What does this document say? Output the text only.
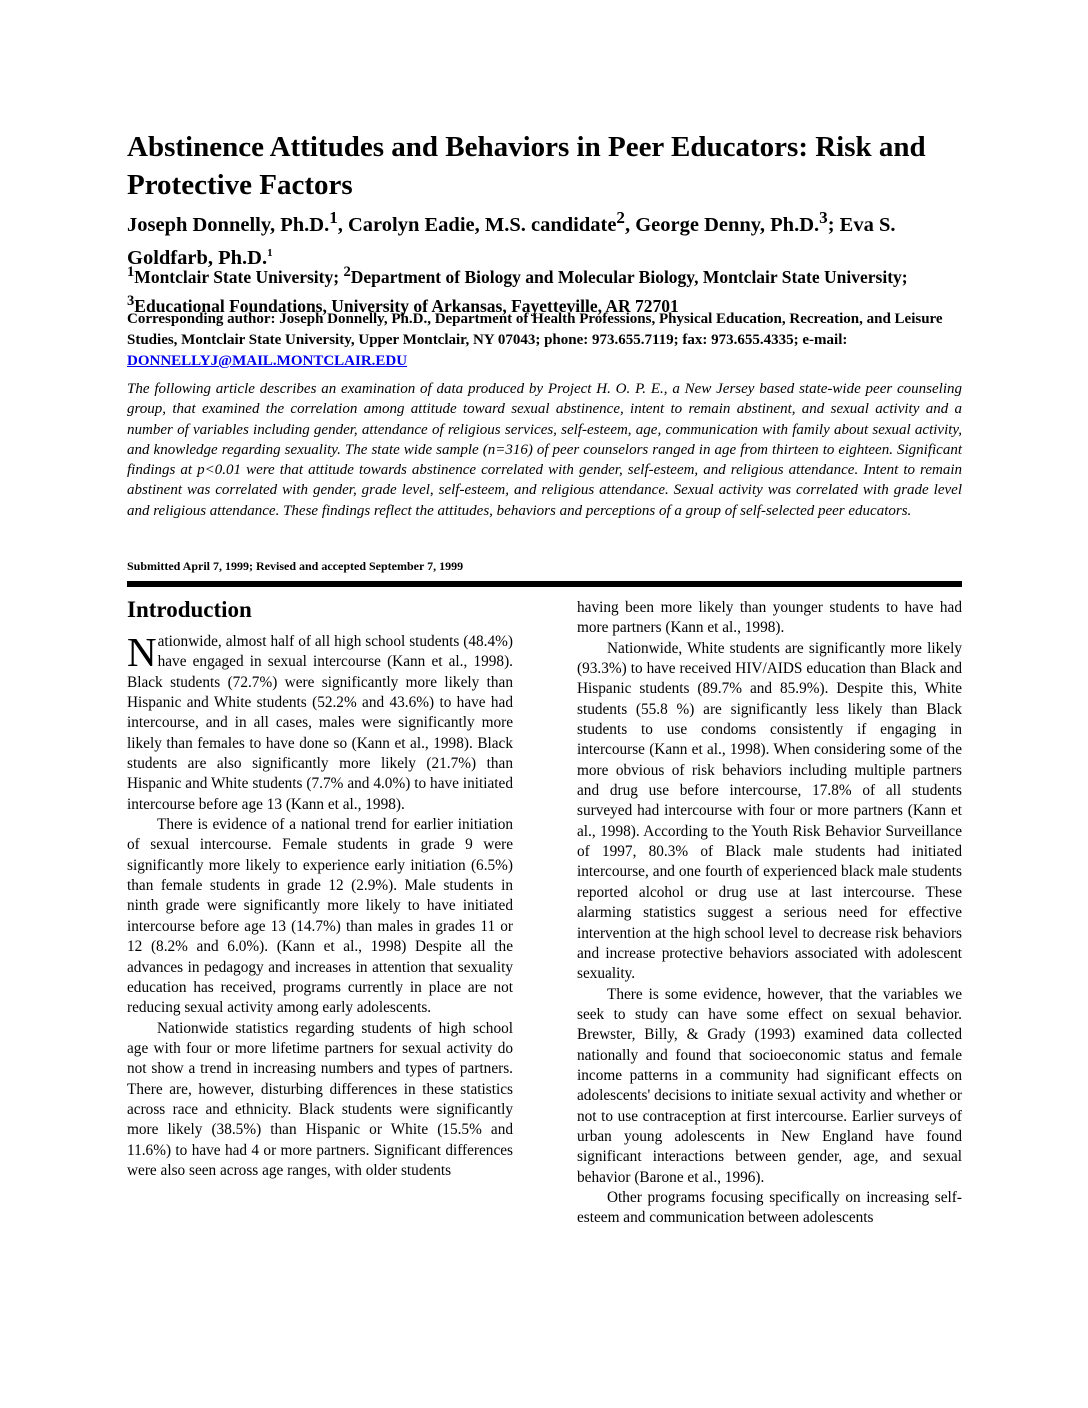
Abstinence Attitudes and Behaviors in Peer Educators: Risk and Protective Factors

Joseph Donnelly, Ph.D.$^1$, Carolyn Eadie, M.S. candidate$^2$, George Denny, Ph.D.$^3$; Eva S. Goldfarb, Ph.D.$^1$

$^1$Montclair State University; $^2$Department of Biology and Molecular Biology, Montclair State University; $^3$Educational Foundations, University of Arkansas, Fayetteville, AR 72701

Corresponding author: Joseph Donnelly, Ph.D., Department of Health Professions, Physical Education, Recreation, and Leisure Studies, Montclair State University, Upper Montclair, NY 07043; phone: 973.655.7119; fax: 973.655.4335; e-mail: DONNELLYJ@MAIL.MONTCLAIR.EDU

The following article describes an examination of data produced by Project H. O. P. E., a New Jersey based state-wide peer counseling group, that examined the correlation among attitude toward sexual abstinence, intent to remain abstinent, and sexual activity and a number of variables including gender, attendance of religious services, self-esteem, age, communication with family about sexual activity, and knowledge regarding sexuality. The state wide sample (n=316) of peer counselors ranged in age from thirteen to eighteen. Significant findings at p<0.01 were that attitude towards abstinence correlated with gender, self-esteem, and religious attendance. Intent to remain abstinent was correlated with gender, grade level, self-esteem, and religious attendance. Sexual activity was correlated with grade level and religious attendance. These findings reflect the attitudes, behaviors and perceptions of a group of self-selected peer educators.

Submitted April 7, 1999; Revised and accepted September 7, 1999

Introduction

Nationwide, almost half of all high school students (48.4%) have engaged in sexual intercourse (Kann et al., 1998). Black students (72.7%) were significantly more likely than Hispanic and White students (52.2% and 43.6%) to have had intercourse, and in all cases, males were significantly more likely than females to have done so (Kann et al., 1998). Black students are also significantly more likely (21.7%) than Hispanic and White students (7.7% and 4.0%) to have initiated intercourse before age 13 (Kann et al., 1998).

There is evidence of a national trend for earlier initiation of sexual intercourse. Female students in grade 9 were significantly more likely to experience early initiation (6.5%) than female students in grade 12 (2.9%). Male students in ninth grade were significantly more likely to have initiated intercourse before age 13 (14.7%) than males in grades 11 or 12 (8.2% and 6.0%). (Kann et al., 1998) Despite all the advances in pedagogy and increases in attention that sexuality education has received, programs currently in place are not reducing sexual activity among early adolescents.

Nationwide statistics regarding students of high school age with four or more lifetime partners for sexual activity do not show a trend in increasing numbers and types of partners. There are, however, disturbing differences in these statistics across race and ethnicity. Black students were significantly more likely (38.5%) than Hispanic or White (15.5% and 11.6%) to have had 4 or more partners. Significant differences were also seen across age ranges, with older students

having been more likely than younger students to have had more partners (Kann et al., 1998).

Nationwide, White students are significantly more likely (93.3%) to have received HIV/AIDS education than Black and Hispanic students (89.7% and 85.9%). Despite this, White students (55.8 %) are significantly less likely than Black students to use condoms consistently if engaging in intercourse (Kann et al., 1998). When considering some of the more obvious of risk behaviors including multiple partners and drug use before intercourse, 17.8% of all students surveyed had intercourse with four or more partners (Kann et al., 1998). According to the Youth Risk Behavior Surveillance of 1997, 80.3% of Black male students had initiated intercourse, and one fourth of experienced black male students reported alcohol or drug use at last intercourse. These alarming statistics suggest a serious need for effective intervention at the high school level to decrease risk behaviors and increase protective behaviors associated with adolescent sexuality.

There is some evidence, however, that the variables we seek to study can have some effect on sexual behavior. Brewster, Billy, & Grady (1993) examined data collected nationally and found that socioeconomic status and female income patterns in a community had significant effects on adolescents' decisions to initiate sexual activity and whether or not to use contraception at first intercourse. Earlier surveys of urban young adolescents in New England have found significant interactions between gender, age, and sexual behavior (Barone et al., 1996).

Other programs focusing specifically on increasing self-esteem and communication between adolescents
